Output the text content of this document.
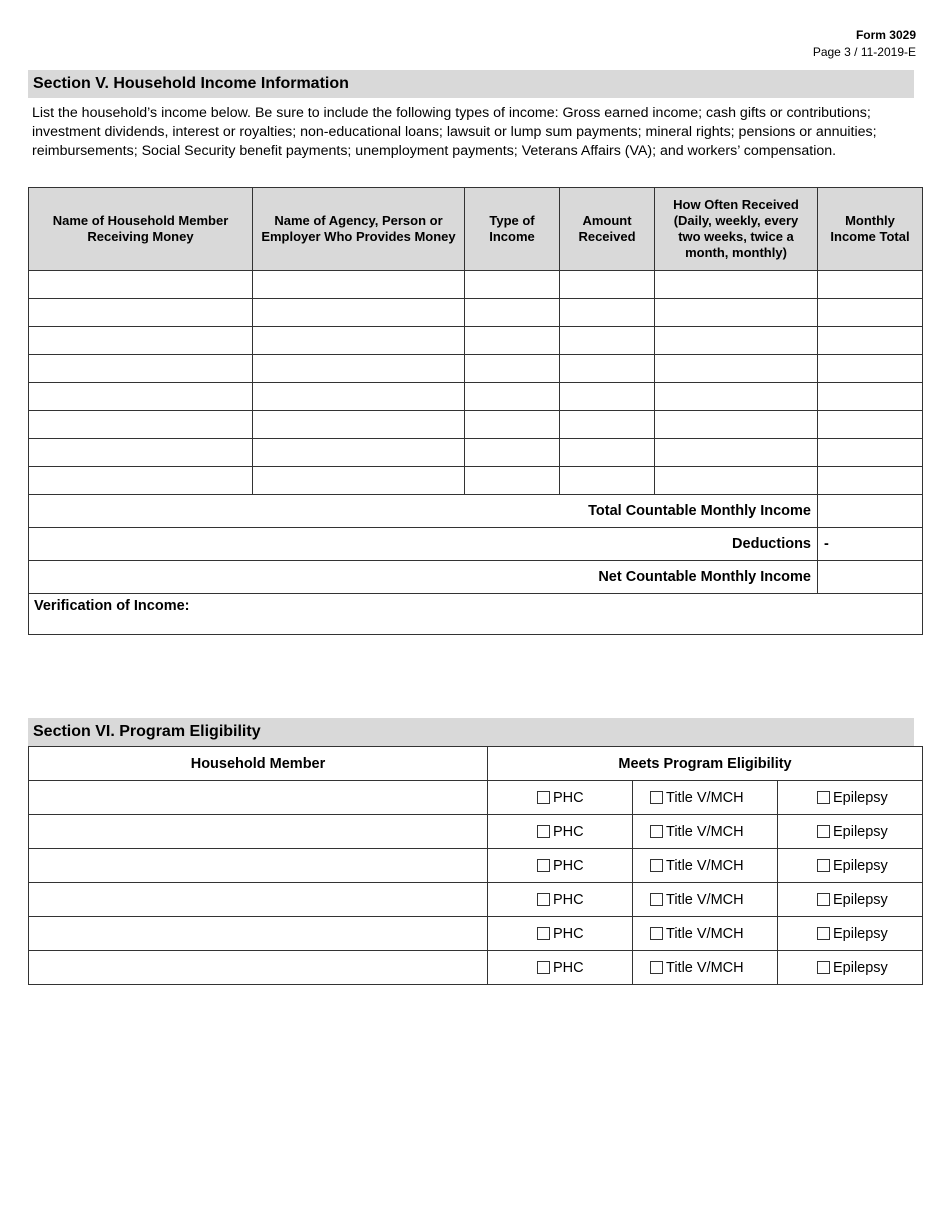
Form 3029
Page 3 / 11-2019-E
Section V. Household Income Information
List the household’s income below. Be sure to include the following types of income: Gross earned income; cash gifts or contributions; investment dividends, interest or royalties; non-educational loans; lawsuit or lump sum payments; mineral rights; pensions or annuities; reimbursements; Social Security benefit payments; unemployment payments; Veterans Affairs (VA); and workers’ compensation.
Name of Household Member Receiving Money	Name of Agency, Person or Employer Who Provides Money	Type of Income	Amount Received	How Often Received (Daily, weekly, every two weeks, twice a month, monthly)	Monthly Income Total

Total Countable Monthly Income					
Deductions					-
Net Countable Monthly Income					
Verification of Income:					
Section VI. Program Eligibility
Household Member	Meets Program Eligibility		
	PHC	Title V/MCH	Epilepsy
	PHC	Title V/MCH	Epilepsy
	PHC	Title V/MCH	Epilepsy
	PHC	Title V/MCH	Epilepsy
	PHC	Title V/MCH	Epilepsy
	PHC	Title V/MCH	Epilepsy
